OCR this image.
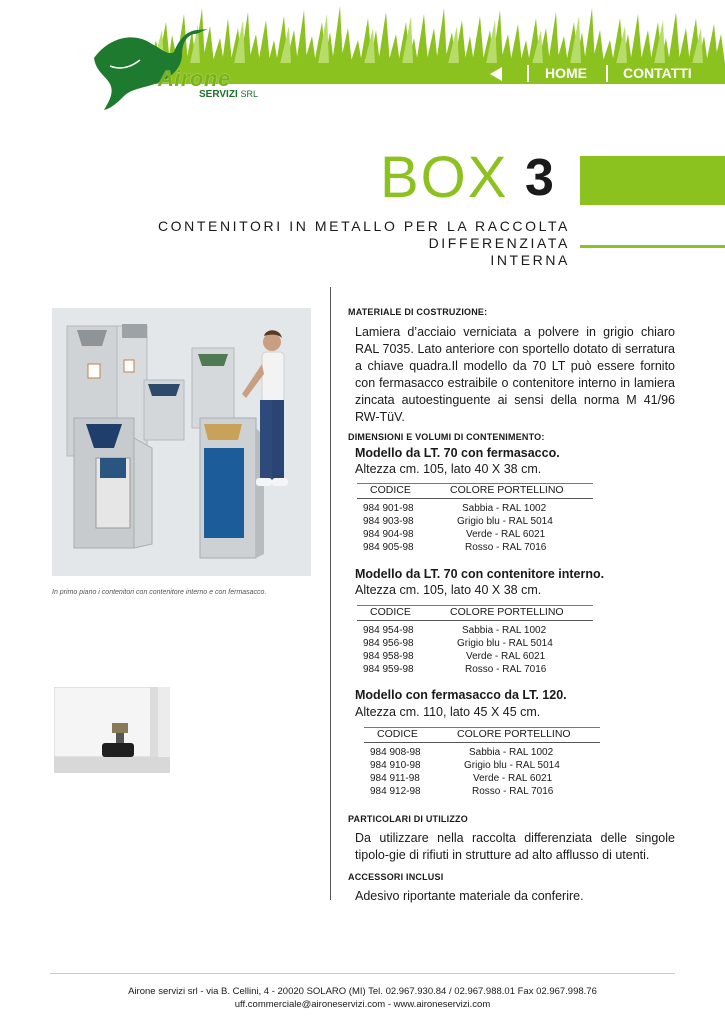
Airone
SERVIZI SRL
HOME	CONTATTI
BOX 3
CONTENITORI IN METALLO PER LA RACCOLTA DIFFERENZIATA
INTERNA
In primo piano i contenitori con contenitore interno e con fermasacco.
MATERIALE DI COSTRUZIONE:
Lamiera d’acciaio verniciata a polvere in grigio chiaro RAL 7035. Lato anteriore con sportello dotato di serratura a chiave quadra.Il modello da 70 LT può essere fornito con fermasacco estraibile o contenitore interno in lamiera zincata autoestinguente ai sensi della norma M 41/96 RW-TüV.
DIMENSIONI E VOLUMI DI CONTENIMENTO:
Modello da LT. 70 con fermasacco.
Altezza cm. 105, lato 40 X 38 cm.
CODICE	COLORE PORTELLINO
984 901-98	Sabbia - RAL 1002
984 903-98	Grigio blu - RAL 5014
984 904-98	Verde - RAL 6021
984 905-98	Rosso - RAL 7016
Modello da LT. 70 con contenitore interno.
Altezza cm. 105, lato 40 X 38 cm.
CODICE	COLORE PORTELLINO
984 954-98	Sabbia - RAL 1002
984 956-98	Grigio blu - RAL 5014
984 958-98	Verde - RAL 6021
984 959-98	Rosso - RAL 7016
Modello con fermasacco da LT. 120.
Altezza cm. 110, lato 45 X 45 cm.
CODICE	COLORE PORTELLINO
984 908-98	Sabbia - RAL 1002
984 910-98	Grigio blu - RAL 5014
984 911-98	Verde - RAL 6021
984 912-98	Rosso - RAL 7016
PARTICOLARI DI UTILIZZO
Da utilizzare nella raccolta differenziata delle singole tipolo-gie di rifiuti in strutture ad alto afflusso di utenti.
ACCESSORI INCLUSI
Adesivo riportante materiale da conferire.
Airone servizi srl - via B. Cellini, 4 - 20020 SOLARO (MI) Tel. 02.967.930.84 / 02.967.988.01 Fax 02.967.998.76
uff.commerciale@aironeservizi.com - www.aironeservizi.com
